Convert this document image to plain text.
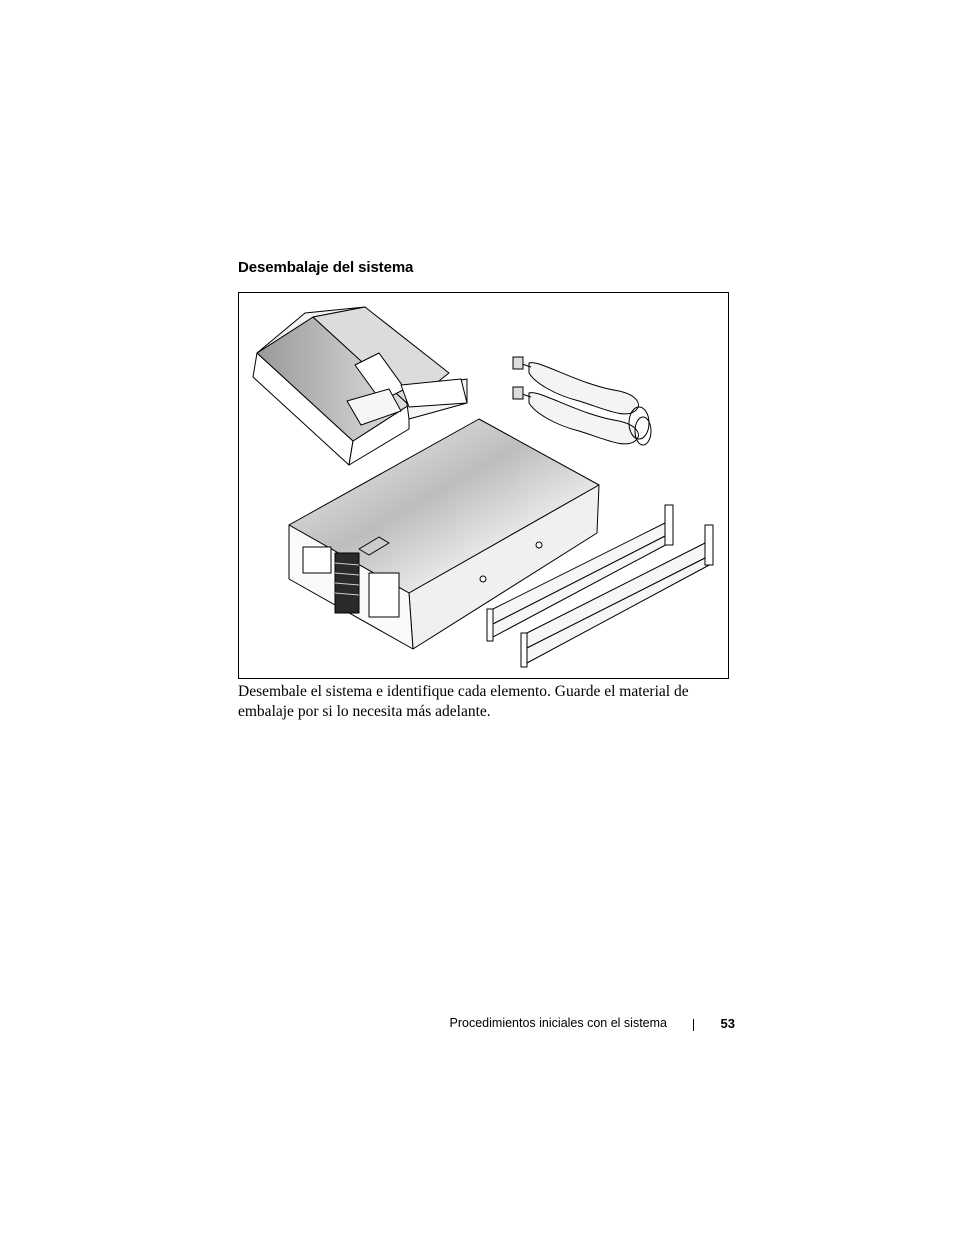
Desembalaje del sistema

Desembale el sistema e identifique cada elemento. Guarde el material de embalaje por si lo necesita más adelante.

Procedimientos iniciales con el sistema	53
